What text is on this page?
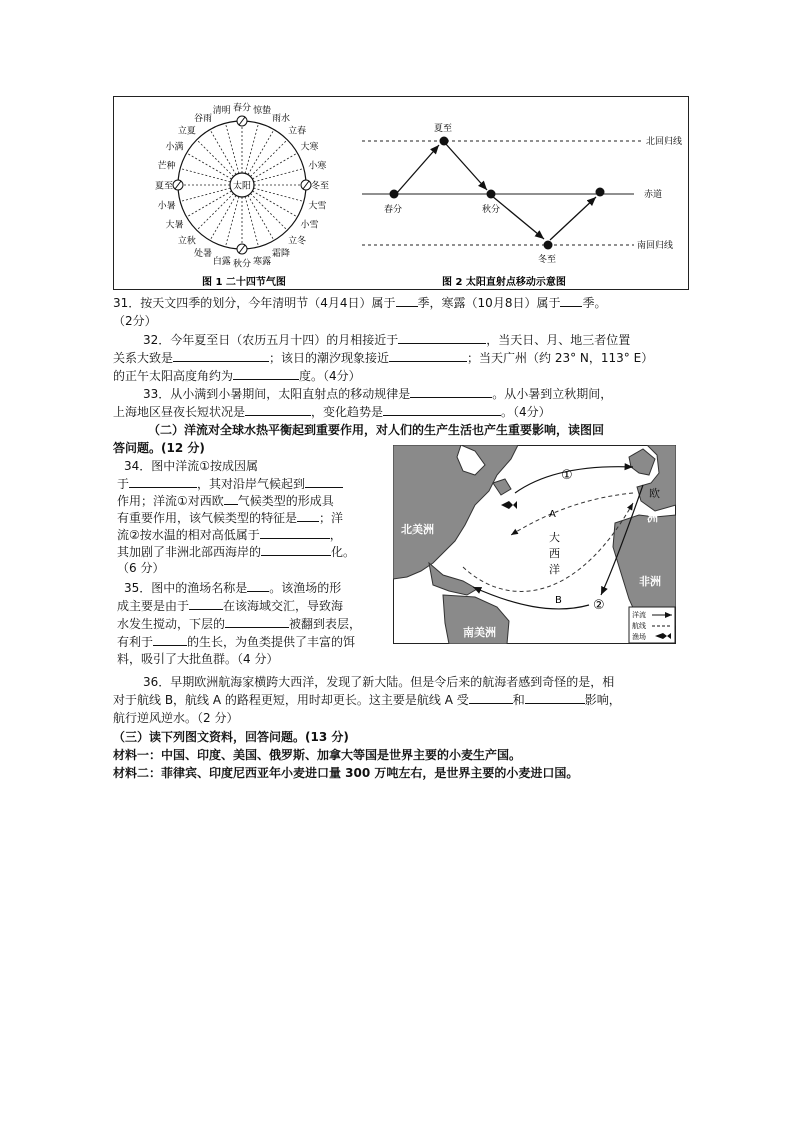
春分 惊蛰
雨水
立春
大寒
小寒
冬至
大雪
小雪
立冬
霜降
寒露
秋分
白露
处暑
立秋
大暑
小暑
夏至
芒种
小满
立夏
谷雨
清明
太阳
图 1 二十四节气图
北回归线
赤道
南回归线
春分
夏至
秋分
冬至
图 2 太阳直射点移动示意图
31．按天文四季的划分，今年清明节（4月4日）属于 季，寒露（10月8日）属于 季。
（2分）
32．今年夏至日（农历五月十四）的月相接近于	，当天日、月、地三者位置
关系大致是	；该日的潮汐现象接近	；当天广州（约 23° N，113° E）
的正午太阳高度角约为	度。（4分）
33．从小满到小暑期间，太阳直射点的移动规律是	。从小暑到立秋期间，
上海地区昼夜长短状况是	，变化趋势是	。（4分）
（二）洋流对全球水热平衡起到重要作用，对人们的生产生活也产生重要影响，读图回
答问题。(12 分)
34．图中洋流①按成因属
于	，其对沿岸气候起到
作用；洋流①对西欧 气候类型的形成具
有重要作用，该气候类型的特征是 ；洋
流②按水温的相对高低属于	，
其加剧了非洲北部西海岸的	化。
（6 分）
35．图中的渔场名称是 。该渔场的形
成主要是由于	在该海域交汇，导致海
水发生搅动，下层的	被翻到表层，
有利于	的生长，为鱼类提供了丰富的饵
料，吸引了大批鱼群。（4 分）
北美洲
南美洲
欧
洲
非洲
大
西
洋
A
B
①
②
洋流
航线
渔场
36．早期欧洲航海家横跨大西洋，发现了新大陆。但是令后来的航海者感到奇怪的是，相
对于航线 B，航线 A 的路程更短，用时却更长。这主要是航线 A 受	和	影响，
航行逆风逆水。（2 分）
（三）读下列图文资料，回答问题。(13 分)
材料一：中国、印度、美国、俄罗斯、加拿大等国是世界主要的小麦生产国。
材料二：菲律宾、印度尼西亚年小麦进口量 300 万吨左右，是世界主要的小麦进口国。
